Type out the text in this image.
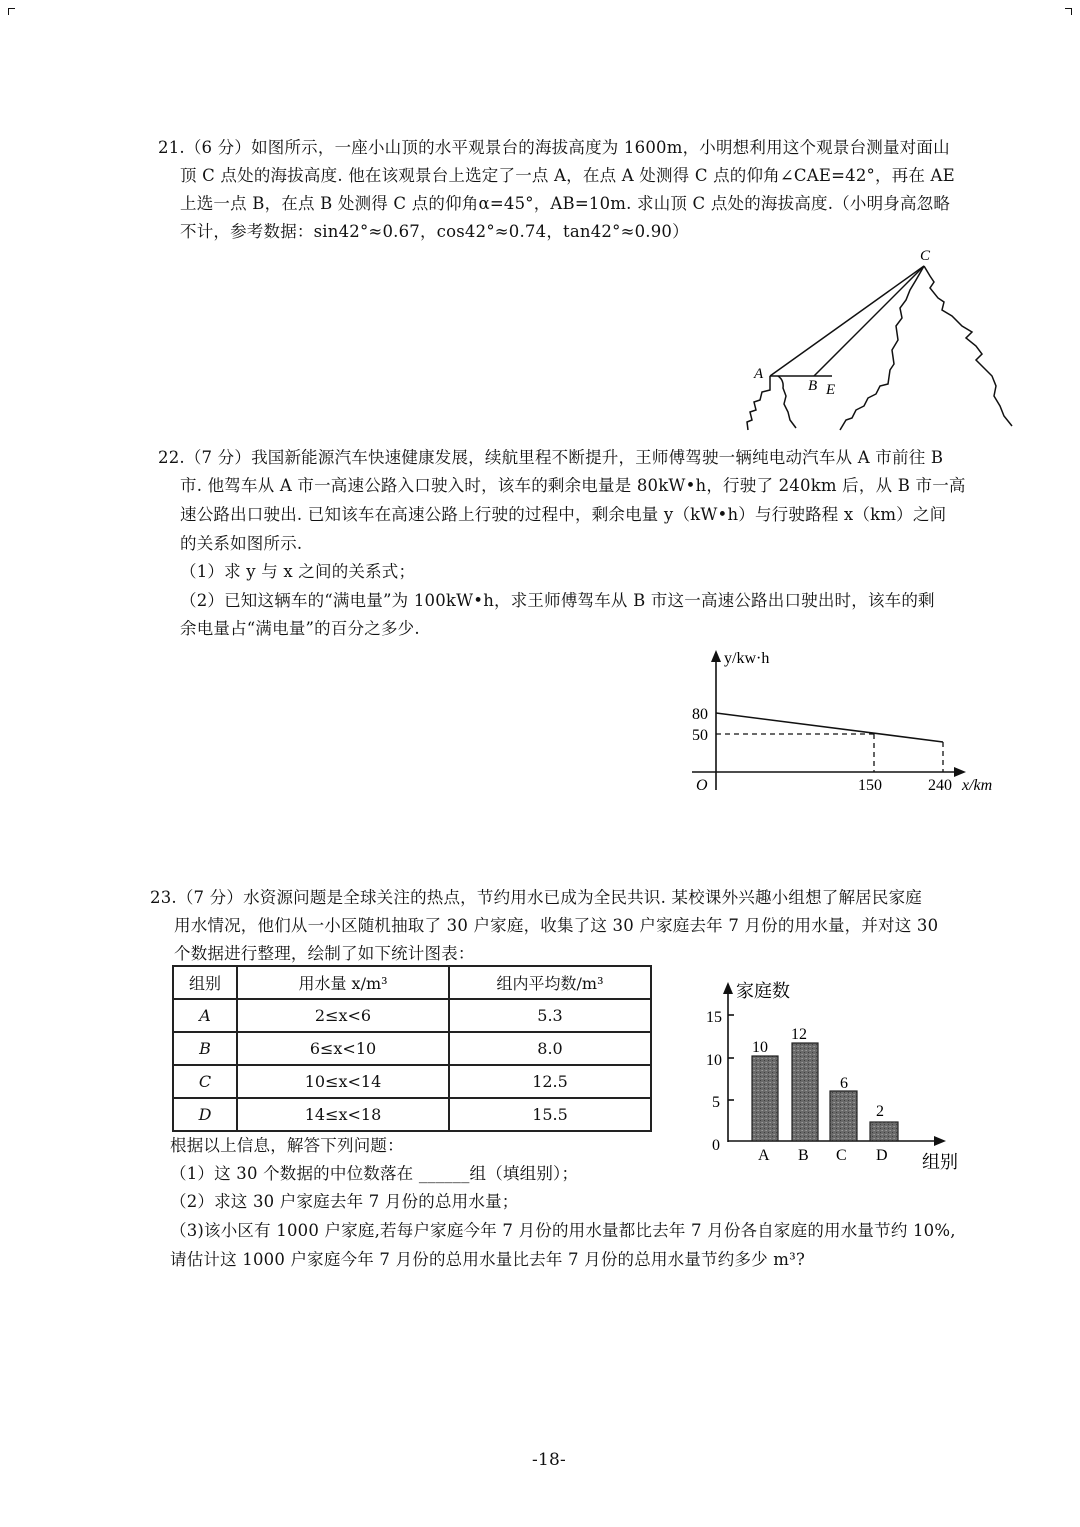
21.（6 分）如图所示，一座小山顶的水平观景台的海拔高度为 1600m，小明想利用这个观景台测量对面山
顶 C 点处的海拔高度. 他在该观景台上选定了一点 A，在点 A 处测得 C 点的仰角∠CAE=42°，再在 AE
上选一点 B，在点 B 处测得 C 点的仰角α=45°，AB=10m. 求山顶 C 点处的海拔高度.（小明身高忽略
不计，参考数据：sin42°≈0.67，cos42°≈0.74，tan42°≈0.90）
C
A
B E
22.（7 分）我国新能源汽车快速健康发展，续航里程不断提升，王师傅驾驶一辆纯电动汽车从 A 市前往 B
市. 他驾车从 A 市一高速公路入口驶入时，该车的剩余电量是 80kW•h，行驶了 240km 后，从 B 市一高
速公路出口驶出. 已知该车在高速公路上行驶的过程中，剩余电量 y（kW•h）与行驶路程 x（km）之间
的关系如图所示.
（1）求 y 与 x 之间的关系式；
（2）已知这辆车的“满电量”为 100kW•h，求王师傅驾车从 B 市这一高速公路出口驶出时，该车的剩
余电量占“满电量”的百分之多少.
y/kw·h
80
50
O	150	240 x/km
23.（7 分）水资源问题是全球关注的热点，节约用水已成为全民共识. 某校课外兴趣小组想了解居民家庭
用水情况，他们从一小区随机抽取了 30 户家庭，收集了这 30 户家庭去年 7 月份的用水量，并对这 30
个数据进行整理，绘制了如下统计图表：
组别	用水量 x/m³	组内平均数/m³
A	2≤x<6	5.3
B	6≤x<10	8.0
C	10≤x<14	12.5
D	14≤x<18	15.5
10
12
6
2
家庭数
15
10
5
0
A B C D 组别
根据以上信息，解答下列问题：
（1）这 30 个数据的中位数落在 ______组（填组别）；
（2）求这 30 户家庭去年 7 月份的总用水量；
（3)该小区有 1000 户家庭,若每户家庭今年 7 月份的用水量都比去年 7 月份各自家庭的用水量节约 10%,
请估计这 1000 户家庭今年 7 月份的总用水量比去年 7 月份的总用水量节约多少 m³?
-18-
